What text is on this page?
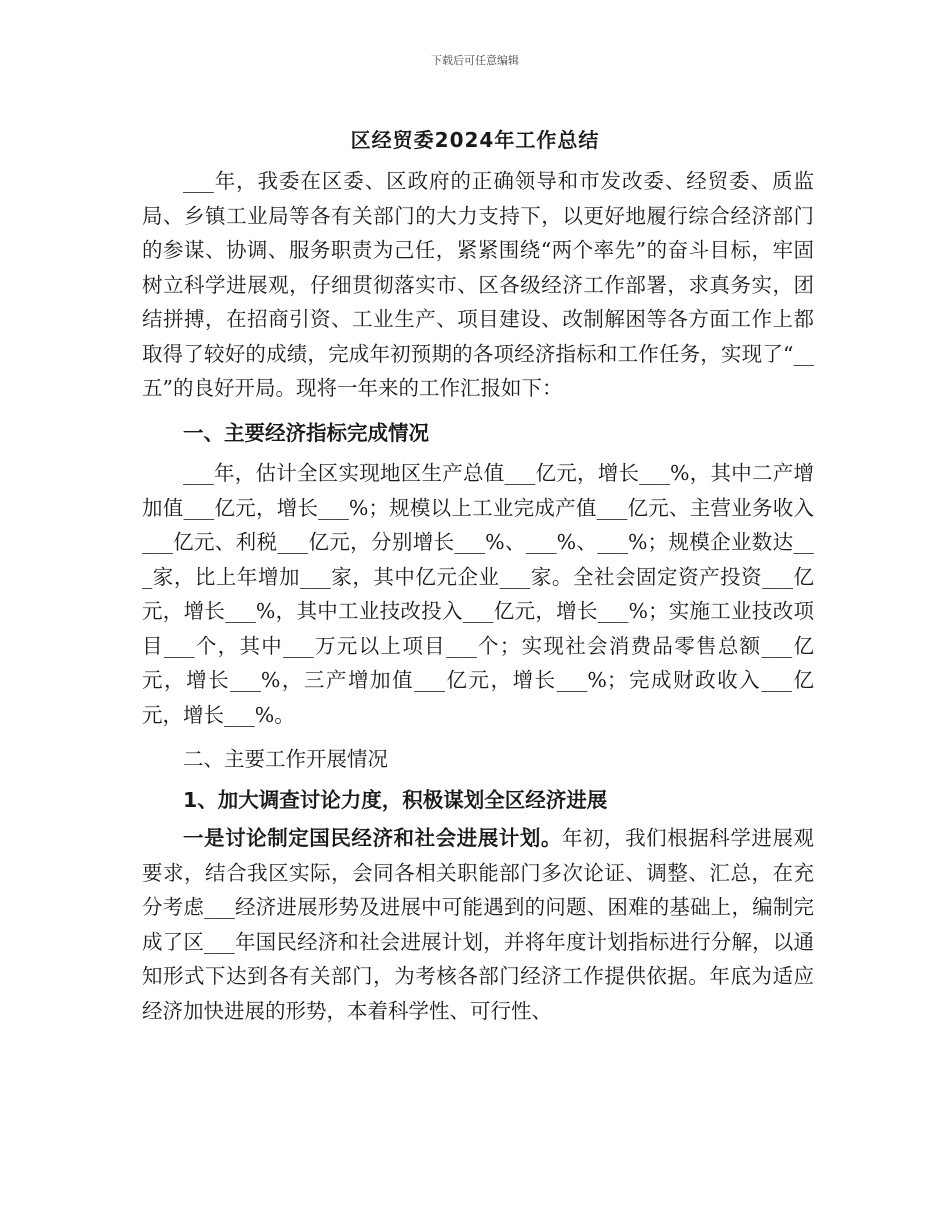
下载后可任意编辑
区经贸委2024年工作总结

___年，我委在区委、区政府的正确领导和市发改委、经贸委、质监局、乡镇工业局等各有关部门的大力支持下，以更好地履行综合经济部门的参谋、协调、服务职责为己任，紧紧围绕“两个率先”的奋斗目标，牢固树立科学进展观，仔细贯彻落实市、区各级经济工作部署，求真务实，团结拼搏，在招商引资、工业生产、项目建设、改制解困等各方面工作上都取得了较好的成绩，完成年初预期的各项经济指标和工作任务，实现了“__五”的良好开局。现将一年来的工作汇报如下：

一、主要经济指标完成情况

___年，估计全区实现地区生产总值___亿元，增长___%，其中二产增加值___亿元，增长___%；规模以上工业完成产值___亿元、主营业务收入___亿元、利税___亿元，分别增长___%、___%、___%；规模企业数达___家，比上年增加___家，其中亿元企业___家。全社会固定资产投资___亿元，增长___%，其中工业技改投入___亿元，增长___%；实施工业技改项目___个，其中___万元以上项目___个；实现社会消费品零售总额___亿元，增长___%，三产增加值___亿元，增长___%；完成财政收入___亿元，增长___%。

二、主要工作开展情况

1、加大调查讨论力度，积极谋划全区经济进展

一是讨论制定国民经济和社会进展计划。年初，我们根据科学进展观要求，结合我区实际，会同各相关职能部门多次论证、调整、汇总，在充分考虑___经济进展形势及进展中可能遇到的问题、困难的基础上，编制完成了区___年国民经济和社会进展计划，并将年度计划指标进行分解，以通知形式下达到各有关部门，为考核各部门经济工作提供依据。年底为适应经济加快进展的形势，本着科学性、可行性、
